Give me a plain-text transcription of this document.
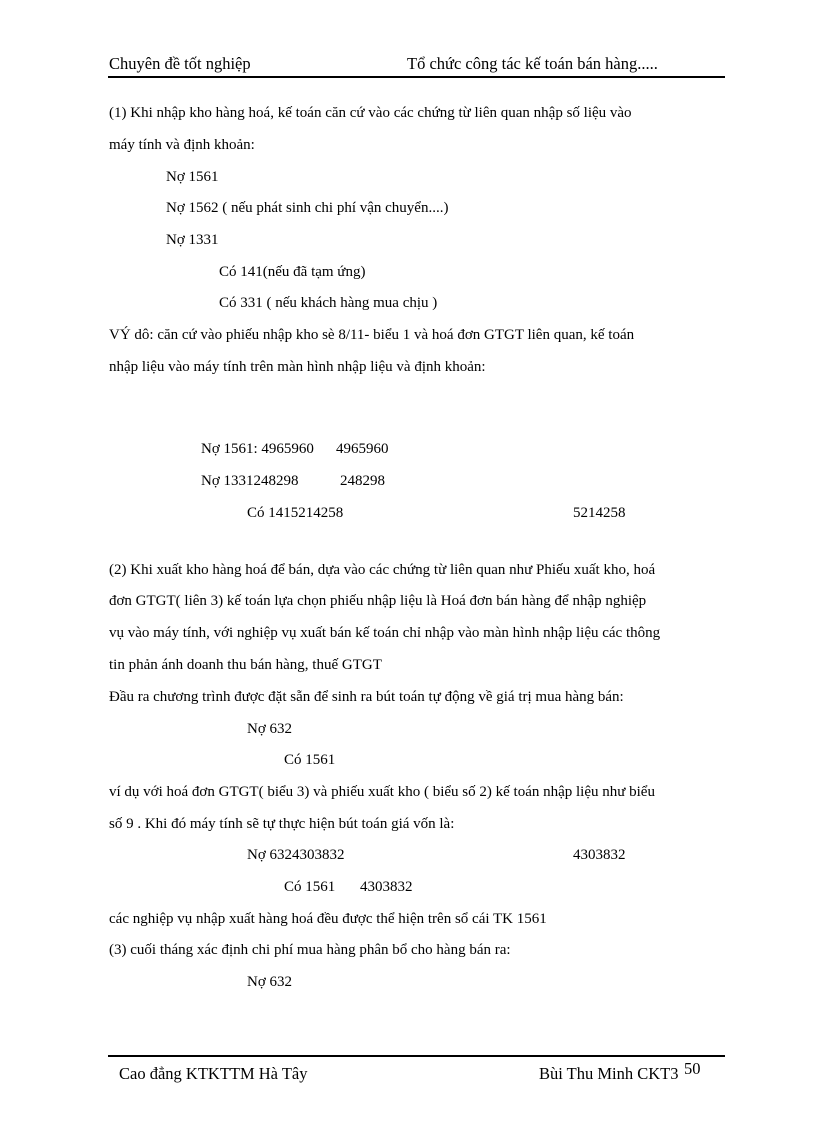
Chuyên đề tốt nghiệp	Tổ chức công tác kế toán bán hàng.....
(1) Khi nhập kho hàng hoá, kế toán căn cứ vào các chứng từ liên quan nhập số liệu vào
máy tính và định khoản:
Nợ 1561
Nợ 1562 ( nếu phát sinh chi phí vận chuyển....)
Nợ 1331
Có 141(nếu đã tạm ứng)
Có 331 ( nếu khách hàng mua chịu )
VÝ dô: căn cứ vào phiếu nhập kho sè 8/11- biểu 1 và hoá đơn GTGT liên quan, kế toán
nhập liệu vào máy tính trên màn hình nhập liệu và định khoản:
Nợ 1561: 4965960 4965960
Nợ 1331248298	248298
Có 1415214258	5214258
(2) Khi xuất kho hàng hoá để bán, dựa vào các chứng từ liên quan như Phiếu xuất kho, hoá
đơn GTGT( liên 3) kế toán lựa chọn phiếu nhập liệu là Hoá đơn bán hàng để nhập nghiệp
vụ vào máy tính, với nghiệp vụ xuất bán kế toán chỉ nhập vào màn hình nhập liệu các thông
tin phản ánh doanh thu bán hàng, thuế GTGT
Đầu ra chương trình được đặt sẵn để sinh ra bút toán tự động về giá trị mua hàng bán:
Nợ 632
Có 1561
ví dụ với hoá đơn GTGT( biểu 3) và phiếu xuất kho ( biểu số 2) kế toán nhập liệu như biểu
số 9 . Khi đó máy tính sẽ tự thực hiện bút toán giá vốn là:
Nợ 6324303832	4303832
Có 1561 4303832
các nghiệp vụ nhập xuất hàng hoá đều được thể hiện trên sổ cái TK 1561
(3) cuối tháng xác định chi phí mua hàng phân bổ cho hàng bán ra:
Nợ 632
Cao đẳng KTKTTM Hà Tây	Bùi Thu Minh CKT3 50
